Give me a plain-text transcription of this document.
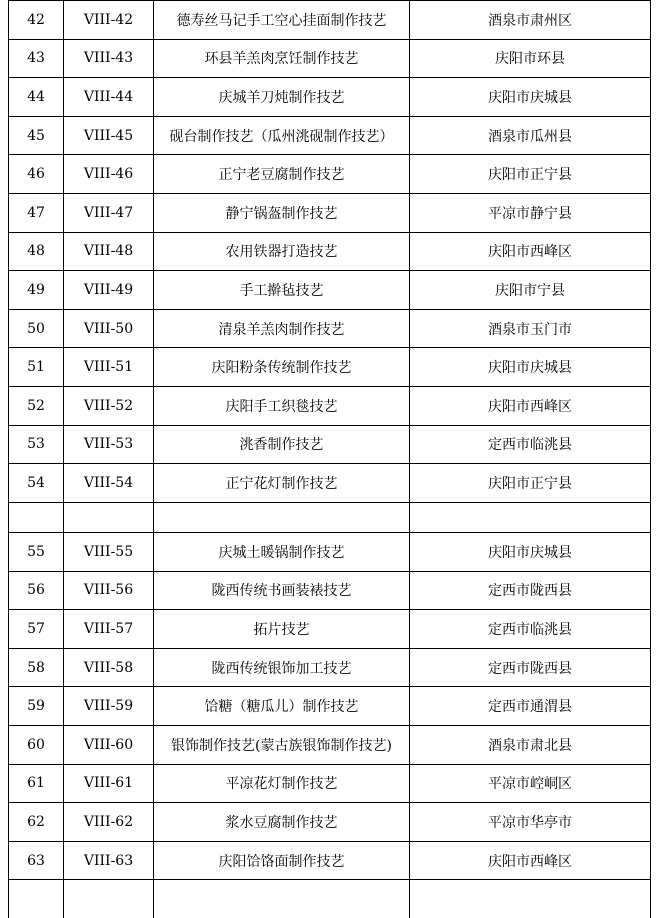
42	VIII-42	德寿丝马记手工空心挂面制作技艺	酒泉市肃州区
43	VIII-43	环县羊羔肉烹饪制作技艺	庆阳市环县
44	VIII-44	庆城羊刀炖制作技艺	庆阳市庆城县
45	VIII-45	砚台制作技艺（瓜州洮砚制作技艺）	酒泉市瓜州县
46	VIII-46	正宁老豆腐制作技艺	庆阳市正宁县
47	VIII-47	静宁锅盔制作技艺	平凉市静宁县
48	VIII-48	农用铁器打造技艺	庆阳市西峰区
49	VIII-49	手工擀毡技艺	庆阳市宁县
50	VIII-50	清泉羊羔肉制作技艺	酒泉市玉门市
51	VIII-51	庆阳粉条传统制作技艺	庆阳市庆城县
52	VIII-52	庆阳手工织毯技艺	庆阳市西峰区
53	VIII-53	洮香制作技艺	定西市临洮县
54	VIII-54	正宁花灯制作技艺	庆阳市正宁县

55	VIII-55	庆城土暖锅制作技艺	庆阳市庆城县
56	VIII-56	陇西传统书画装裱技艺	定西市陇西县
57	VIII-57	拓片技艺	定西市临洮县
58	VIII-58	陇西传统银饰加工技艺	定西市陇西县
59	VIII-59	饸糖（糖瓜儿）制作技艺	定西市通渭县
60	VIII-60	银饰制作技艺(蒙古族银饰制作技艺)	酒泉市肃北县
61	VIII-61	平凉花灯制作技艺	平凉市崆峒区
62	VIII-62	浆水豆腐制作技艺	平凉市华亭市
63	VIII-63	庆阳饸饹面制作技艺	庆阳市西峰区
